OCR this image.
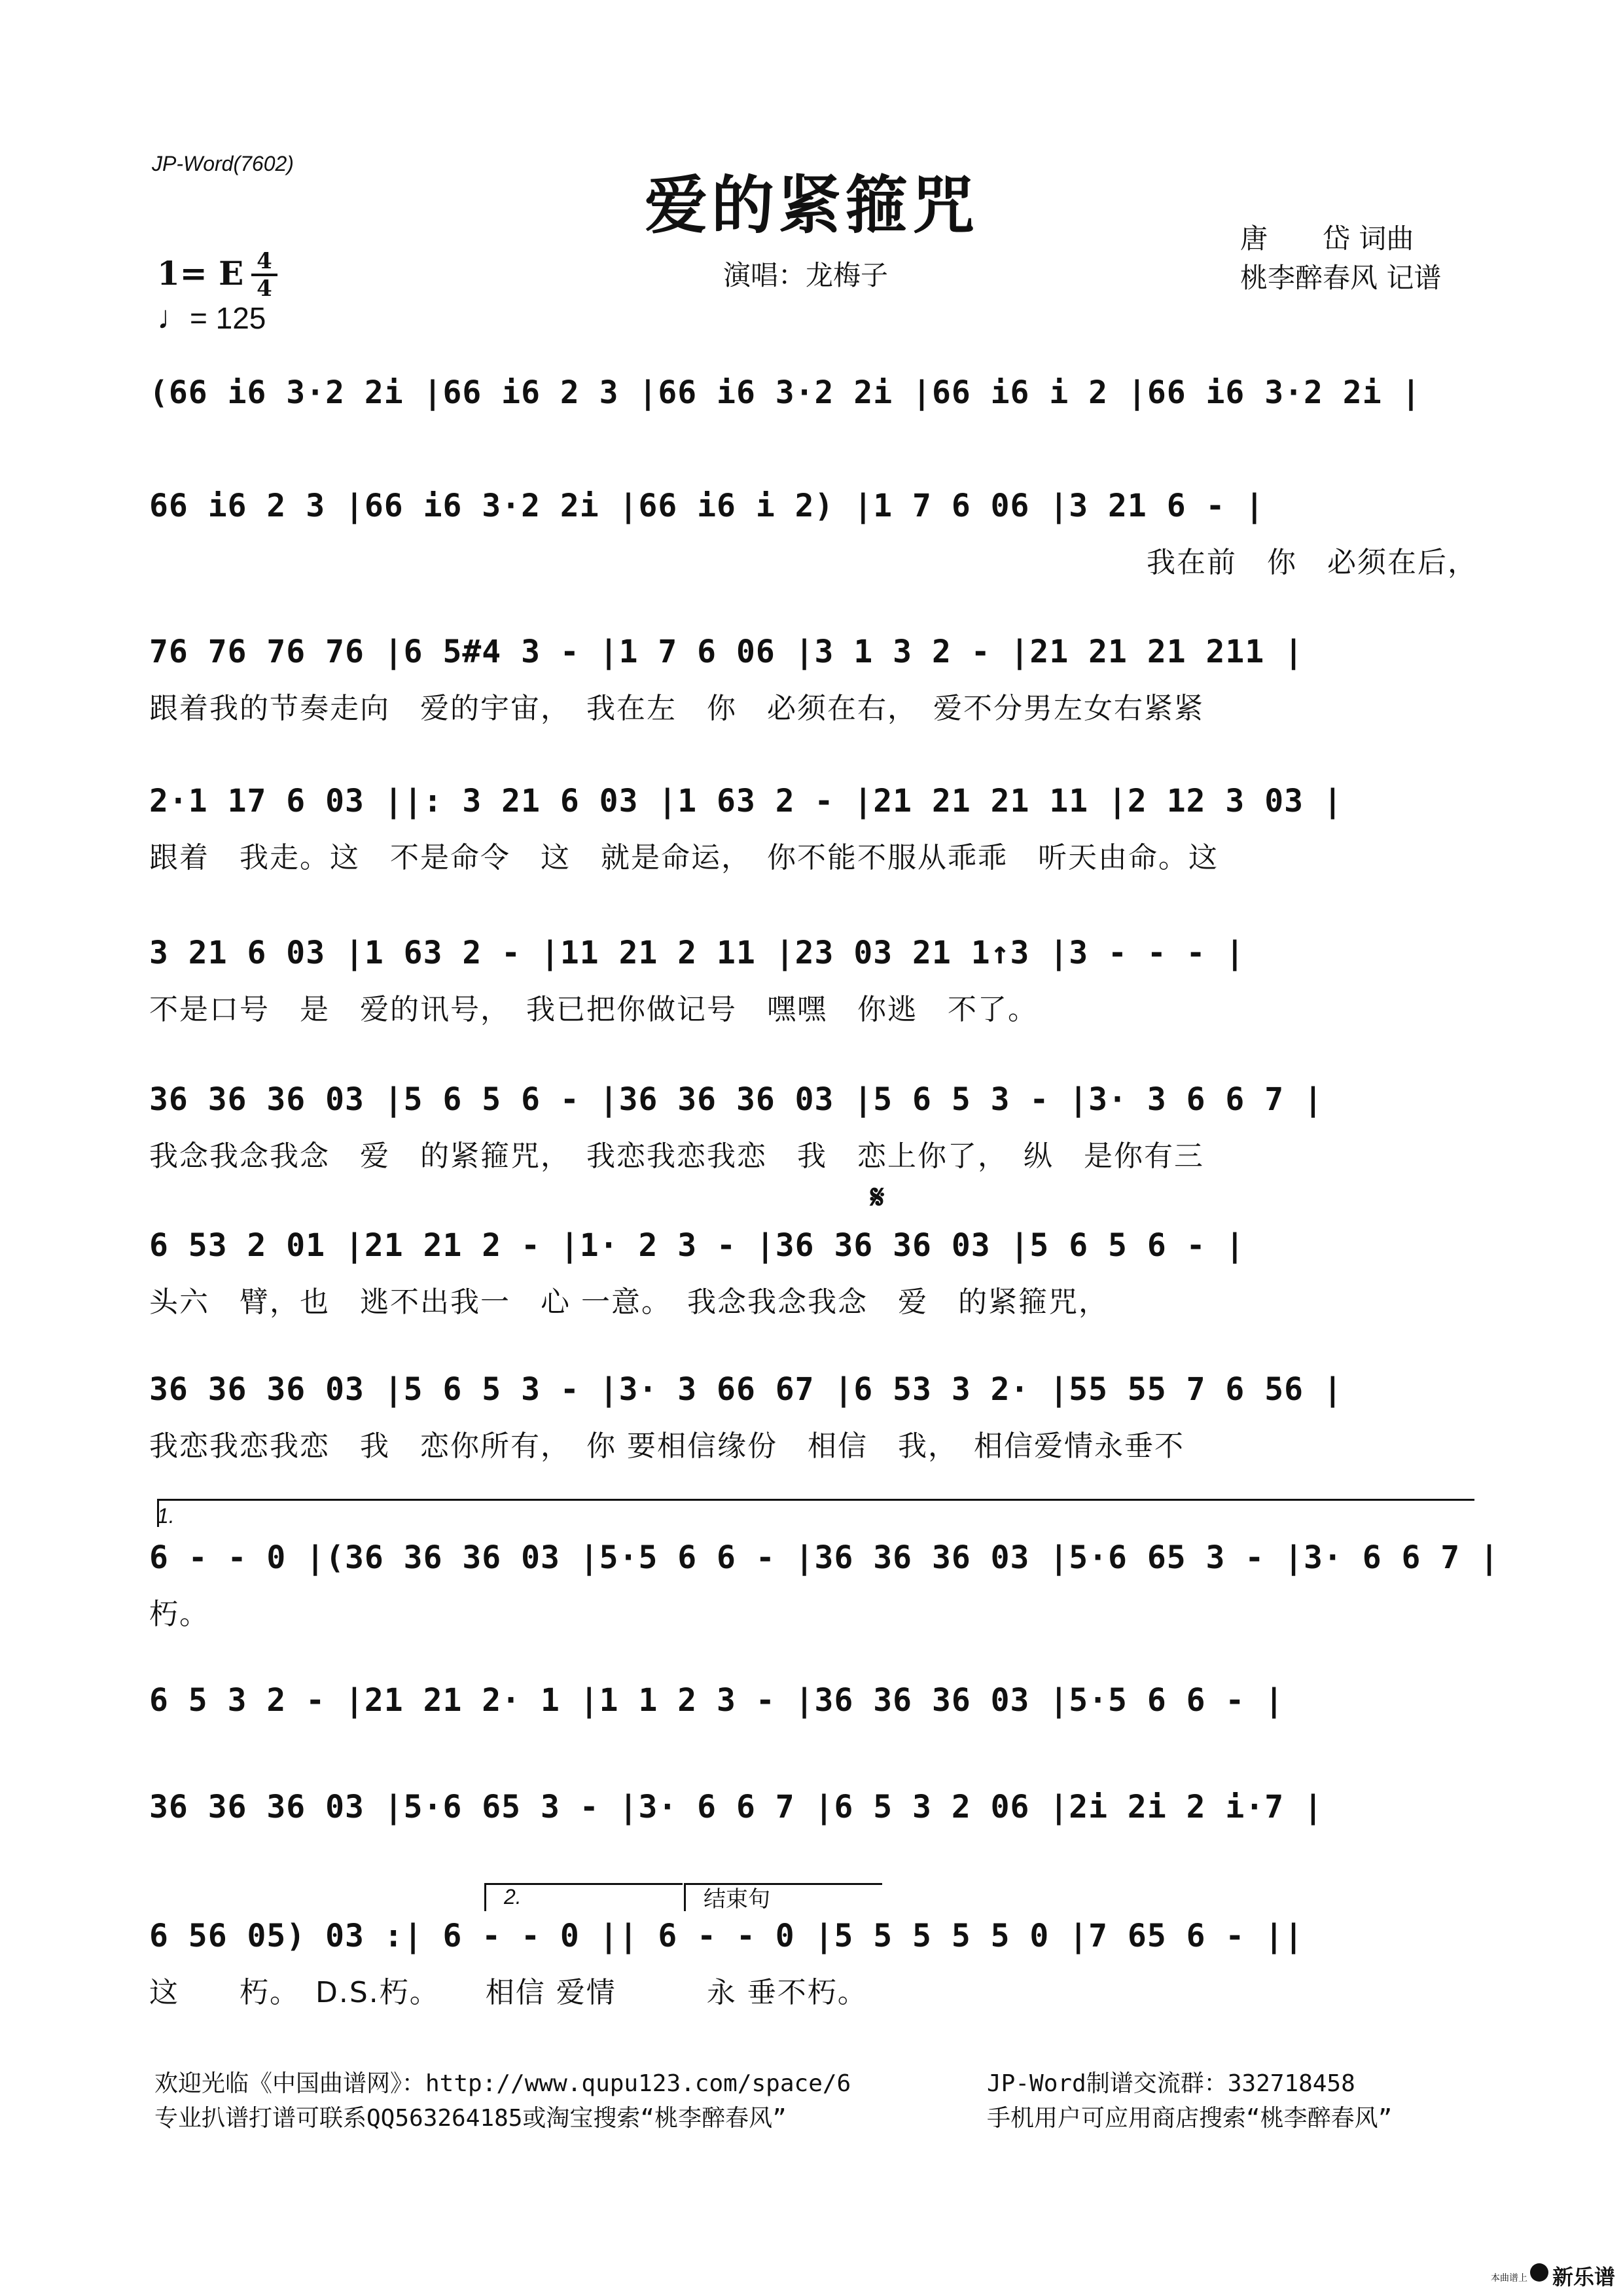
JP-Word(7602)
爱的紧箍咒
1= E 4
4
♩= 125
演唱：龙梅子
唐　　岱 词曲
桃李醉春风 记谱
(66 i6 3·2 2i |66 i6 2 3 |66 i6 3·2 2i |66 i6 i 2 |66 i6 3·2 2i |
66 i6 2 3 |66 i6 3·2 2i |66 i6 i 2) |1 7 6 06 |3 21 6 - |
我在前　你　必须在后，
76 76 76 76 |6 5#4 3 - |1 7 6 06 |3 1 3 2 - |21 21 21 211 |
跟着我的节奏走向　爱的宇宙，　我在左　你　必须在右，　爱不分男左女右紧紧
2·1 17 6 03 ||: 3 21 6 03 |1 63 2 - |21 21 21 11 |2 12 3 03 |
跟着　我走。这　不是命令　这　就是命运，　你不能不服从乖乖　听天由命。这
3 21 6 03 |1 63 2 - |11 21 2 11 |23 03 21 1↑3 |3 - - - |
不是口号　是　爱的讯号，　我已把你做记号　嘿嘿　你逃　不了。
36 36 36 03 |5 6 5 6 - |36 36 36 03 |5 6 5 3 - |3· 3 6 6 7 |
我念我念我念　爱　的紧箍咒，　我恋我恋我恋　我　恋上你了，　纵　是你有三
𝄋
6 53 2 01 |21 21 2 - |1· 2 3 - |36 36 36 03 |5 6 5 6 - |
头六　臂，也　逃不出我一　心 一意。　我念我念我念　爱　的紧箍咒，
36 36 36 03 |5 6 5 3 - |3· 3 66 67 |6 53 3 2· |55 55 7 6 56 |
我恋我恋我恋　我　恋你所有，　你 要相信缘份　相信　我，　相信爱情永垂不
1.
6 - - 0 |(36 36 36 03 |5·5 6 6 - |36 36 36 03 |5·6 65 3 - |3· 6 6 7 |
朽。
6 5 3 2 - |21 21 2· 1 |1 1 2 3 - |36 36 36 03 |5·5 6 6 - |
36 36 36 03 |5·6 65 3 - |3· 6 6 7 |6 5 3 2 06 |2i 2i 2 i·7 |
2.	结束句
6 56 05) 03 :| 6 - - 0 || 6 - - 0 |5 5 5 5 5 0 |7 65 6 - ||
这　　朽。　D.S.朽。　　相信 爱情　　　永 垂不朽。
欢迎光临《中国曲谱网》：http://www.qupu123.com/space/6
专业扒谱打谱可联系QQ563264185或淘宝搜索“桃李醉春风”
JP-Word制谱交流群：332718458
手机用户可应用商店搜索“桃李醉春风”
本曲谱上 新乐谱
